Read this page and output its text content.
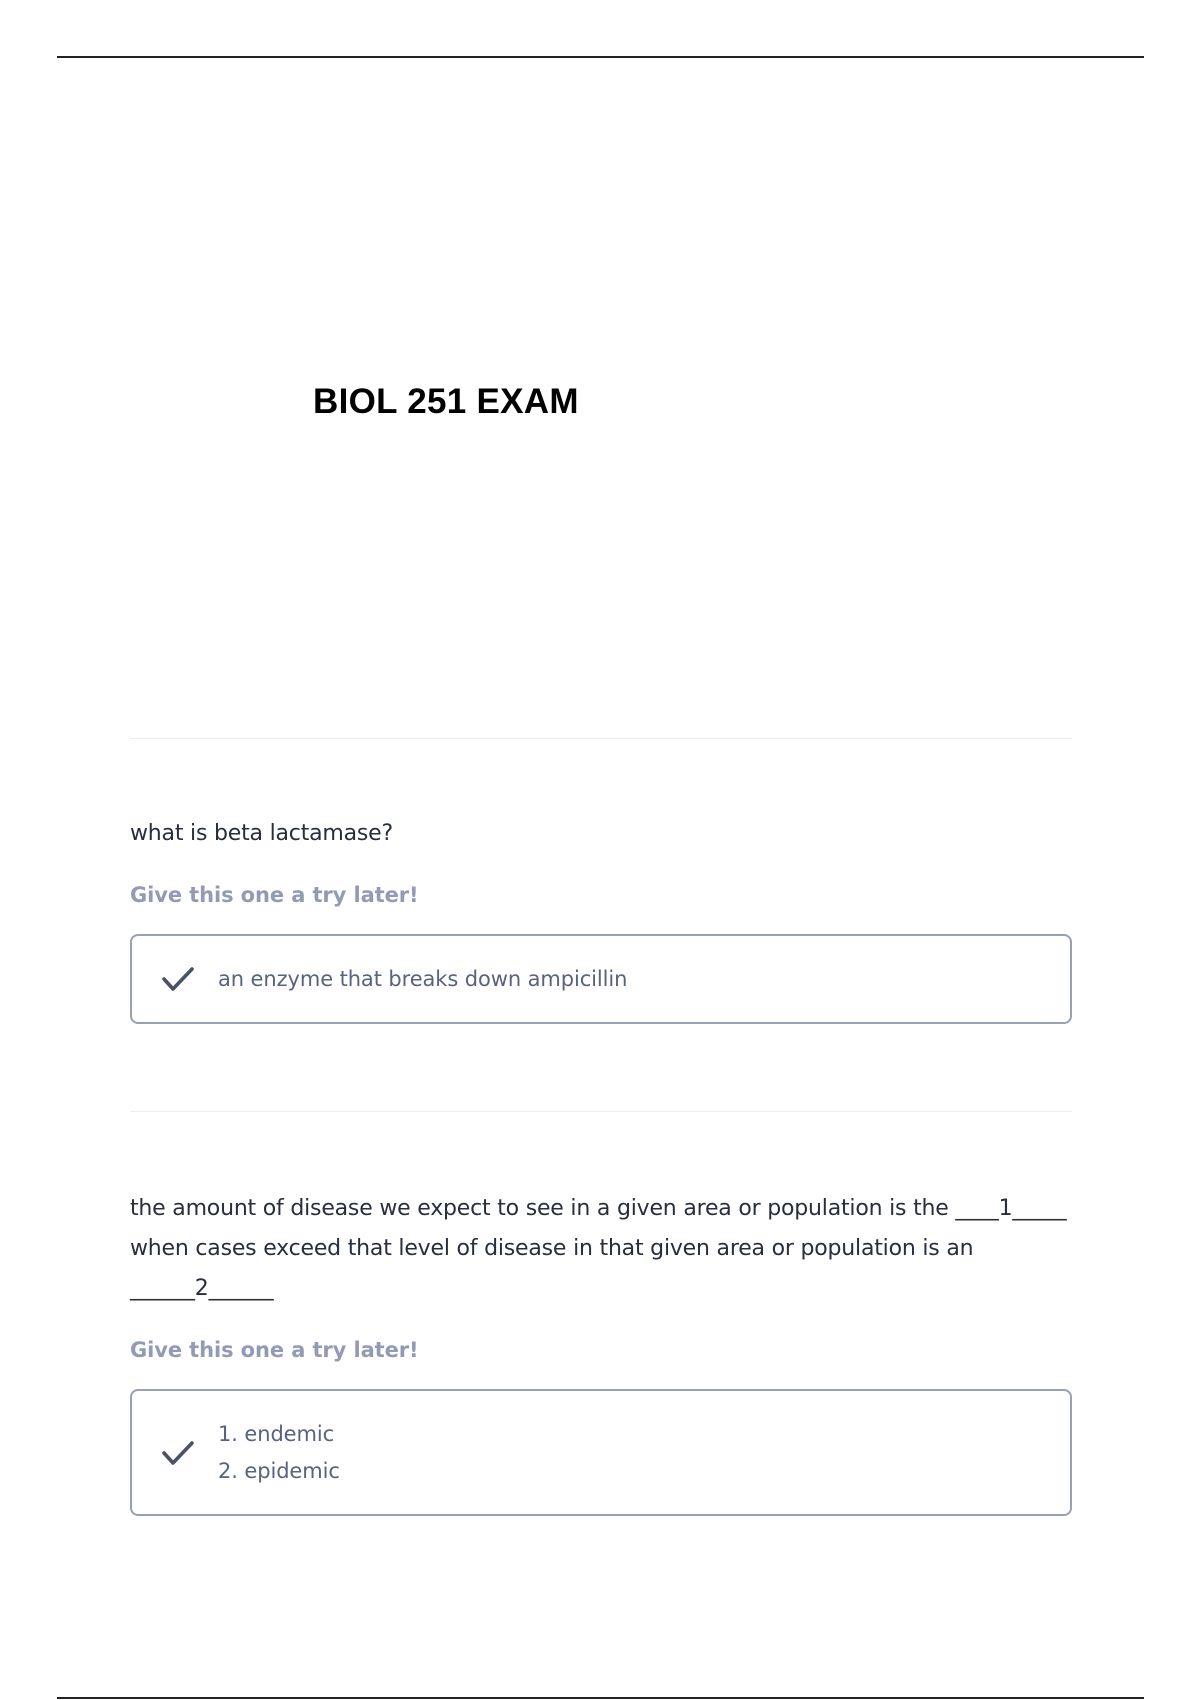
BIOL 251 EXAM

what is beta lactamase?

Give this one a try later!

an enzyme that breaks down ampicillin

the amount of disease we expect to see in a given area or population is the ____1_____
when cases exceed that level of disease in that given area or population is an
______2______

Give this one a try later!

1. endemic
2. epidemic
